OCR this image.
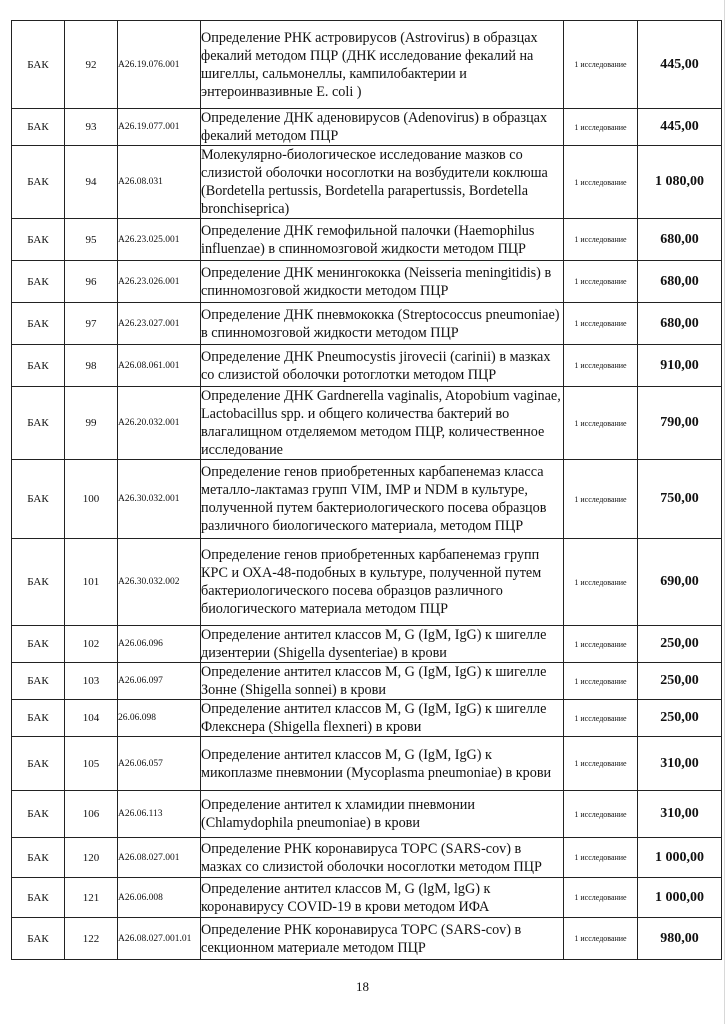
БАК	92	A26.19.076.001	Определение РНК астровирусов (Astrovirus) в образцах фекалий методом ПЦР (ДНК исследование фекалий на шигеллы, сальмонеллы, кампилобактерии и энтероинвазивные E. coli )	1 исследование	445,00
БАК	93	A26.19.077.001	Определение ДНК аденовирусов (Adenovirus) в образцах фекалий методом ПЦР	1 исследование	445,00
БАК	94	A26.08.031	Молекулярно-биологическое исследование мазков со слизистой оболочки носоглотки на возбудители коклюша (Bordetella pertussis, Bordetella parapertussis, Bordetella bronchiseprica)	1 исследование	1 080,00
БАК	95	A26.23.025.001	Определение ДНК гемофильной палочки (Haemophilus influenzae) в спинномозговой жидкости методом ПЦР	1 исследование	680,00
БАК	96	A26.23.026.001	Определение ДНК менингококка (Neisseria meningitidis) в спинномозговой жидкости методом ПЦР	1 исследование	680,00
БАК	97	A26.23.027.001	Определение ДНК пневмококка (Streptococcus pneumoniae) в спинномозговой жидкости методом ПЦР	1 исследование	680,00
БАК	98	A26.08.061.001	Определение ДНК Pneumocystis jirovecii (carinii) в мазках со слизистой оболочки ротоглотки методом ПЦР	1 исследование	910,00
БАК	99	A26.20.032.001	Определение ДНК Gardnerella vaginalis, Atopobium vaginae, Lactobacillus spp. и общего количества бактерий во влагалищном отделяемом методом ПЦР, количественное исследование	1 исследование	790,00
БАК	100	A26.30.032.001	Определение генов приобретенных карбапенемаз класса металло-лактамаз групп VIM, IMP и NDM в культуре, полученной путем бактериологического посева образцов различного биологического материала, методом ПЦР	1 исследование	750,00
БАК	101	A26.30.032.002	Определение генов приобретенных карбапенемаз групп КРС и ОХА-48-подобных в культуре, полученной путем бактериологического посева образцов различного биологического материала методом ПЦР	1 исследование	690,00
БАК	102	A26.06.096	Определение антител классов M, G (IgM, IgG) к шигелле дизентерии (Shigella dysenteriae) в крови	1 исследование	250,00
БАК	103	A26.06.097	Определение антител классов M, G (IgM, IgG) к шигелле Зонне (Shigella sonnei) в крови	1 исследование	250,00
БАК	104	26.06.098	Определение антител классов M, G (IgM, IgG) к шигелле Флекснера (Shigella flexneri) в крови	1 исследование	250,00
БАК	105	A26.06.057	Определение антител классов M, G (IgM, IgG) к микоплазме пневмонии (Mycoplasma pneumoniae) в крови	1 исследование	310,00
БАК	106	A26.06.113	Определение антител к хламидии пневмонии (Chlamydophila pneumoniae) в крови	1 исследование	310,00
БАК	120	A26.08.027.001	Определение РНК коронавируса ТОРС (SARS-cov) в мазках со слизистой оболочки носоглотки методом ПЦР	1 исследование	1 000,00
БАК	121	A26.06.008	Определение антител классов M, G (lgM, lgG) к коронавирусу COVID-19 в крови методом ИФА	1 исследование	1 000,00
БАК	122	A26.08.027.001.01	Определение РНК коронавируса ТОРС (SARS-cov) в секционном материале методом ПЦР	1 исследование	980,00
18
